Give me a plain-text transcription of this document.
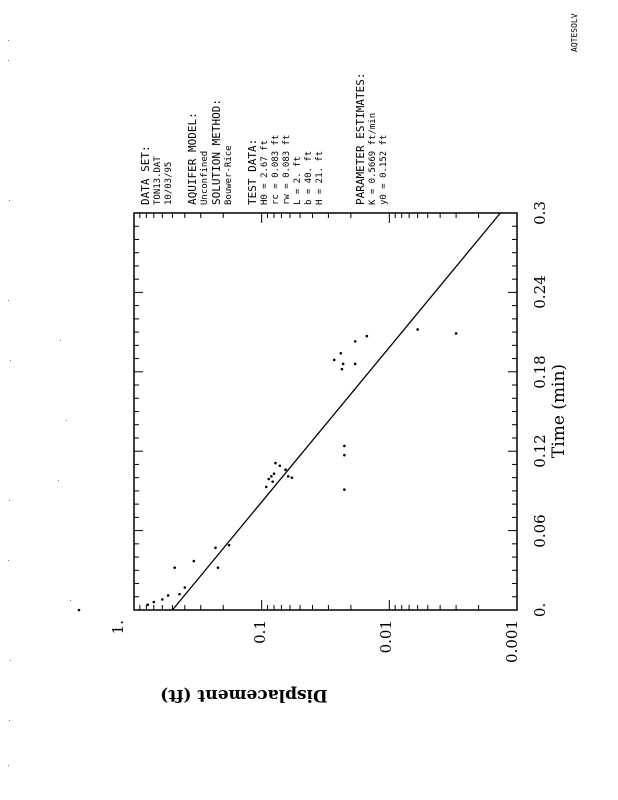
0.
0.06
0.12
0.18
0.24
0.3
Time (min)
1.	0.1	0.01	0.001
Displacement (ft)
DATA SET: TON13.DAT 10/03/95 AQUIFER MODEL: Unconfined SOLUTION METHOD: Bouwer-Rice TEST DATA: H0 = 2.67 ft rc = 0.083 ft rw = 0.083 ft L = 2. ft b = 40. ft H = 21. ft	PARAMETER ESTIMATES: K = 0.5669 ft/min y0 = 0.152 ft
AQTESOLV
